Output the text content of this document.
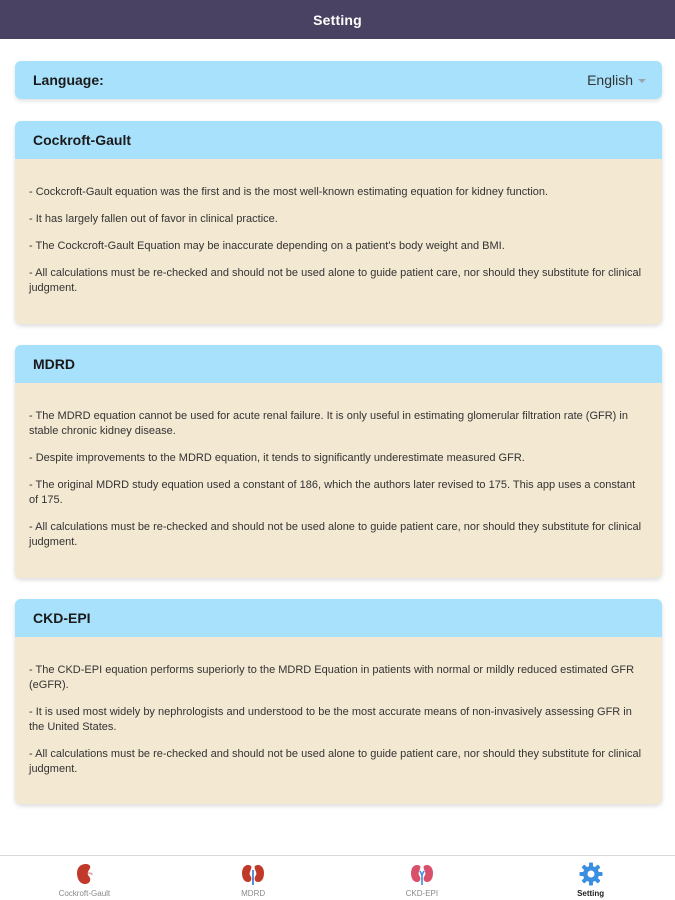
Setting
Language:	English
Cockroft-Gault

- Cockcroft-Gault equation was the first and is the most well-known estimating equation for kidney function.

- It has largely fallen out of favor in clinical practice.

- The Cockcroft-Gault Equation may be inaccurate depending on a patient's body weight and BMI.

- All calculations must be re-checked and should not be used alone to guide patient care, nor should they substitute for clinical judgment.

MDRD

- The MDRD equation cannot be used for acute renal failure. It is only useful in estimating glomerular filtration rate (GFR) in stable chronic kidney disease.

- Despite improvements to the MDRD equation, it tends to significantly underestimate measured GFR.

- The original MDRD study equation used a constant of 186, which the authors later revised to 175. This app uses a constant of 175.

- All calculations must be re-checked and should not be used alone to guide patient care, nor should they substitute for clinical judgment.

CKD-EPI

- The CKD-EPI equation performs superiorly to the MDRD Equation in patients with normal or mildly reduced estimated GFR (eGFR).

- It is used most widely by nephrologists and understood to be the most accurate means of non-invasively assessing GFR in the United States.

- All calculations must be re-checked and should not be used alone to guide patient care, nor should they substitute for clinical judgment.

Cockroft-Gault	MDRD	CKD-EPI	Setting
